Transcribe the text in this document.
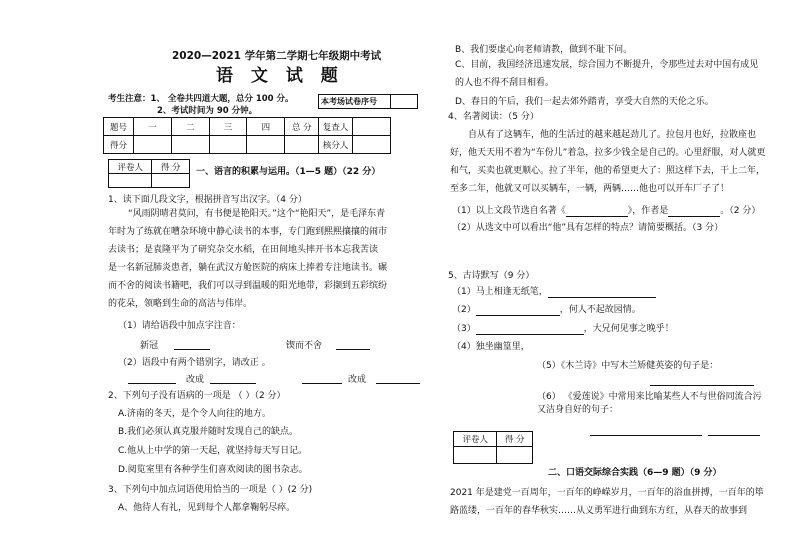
2020—2021 学年第二学期七年级期中考试
语 文 试 题
考生注意：1、 全卷共四道大题，总分 100 分。
2、考试时间为 90 分钟。
本考场试卷序号
题号	一	二	三	四	总 分	复查人	
得分						核分人	
评卷人	得 分
	一、语言的积累与运用。（1—5 题）（22 分）
1、读下面几段文字，根据拼音写出汉字。（4 分）
“风雨阴晴君莫问，有书便是艳阳天。”这个“艳阳天”，是毛泽东青年时为了练就在嘈杂环境中静心读书的本事，专门跑到熙熙攘攘的闹市去读书；是袁隆平为了研究杂交水稻，在田间地头摔开书本忘我苦读 是一名新冠肺炎患者，躺在武汉方舱医院的病床上捧着专注地读书。碾而不舍的阅读书籍吧，我们可以寻到温暖的阳光地带，彩撷到五彩缤纷的花朵，领略到生命的高洁与伟岸。
（1）请给语段中加点字注音：
新冠	锲而不舍
（2）语段中有两个错别字，请改正 。
改成	改成
2、下列句子没有语病的一项是 （ ）（2 分）
A.济南的冬天，是个令人向往的地方。
B.我们必须认真克服并随时发现自己的缺点。
C.他从上中学的第一天起，就坚持每天写日记。
D.阅览室里有各种学生们喜欢阅读的图书杂志。
3、下列句中加点词语使用恰当的一项是（ ）(2 分)
A、他待人有礼，见到每个人都拿鞠躬尽瘁。
B、我们要虚心向老师请教，做到不耻下问。
C、目前，我国经济迅速发展，综合国力不断提升，令那些过去对中国有成见的人也不得不刮目相看。
D、春日的午后，我们一起去郊外踏青，享受大自然的天伦之乐。
4、名著阅读：（5 分）
自从有了这辆车，他的生活过的越来越起劲儿了。拉包月也好，拉散座也好，他天天用不着为“车份儿”着急，拉多少钱全是自己的。心里舒服，对人就更和气，买卖也就更顺心。拉了半年，他的希望更大了：照这样下去，干上二年，至多二年，他就又可以买辆车，一辆，两辆……他也可以开车厂子了！
（1）以上文段节选自名著《	》，作者是	。（2 分）
（2）从选文中可以看出“他”具有怎样的特点？请简要概括。（3 分）
5、古诗默写（9 分）
（1）马上相逢无纸笔，
（2）	，何人不起故园情。
（3）	，大兄何见事之晚乎！
（4）独坐幽篁里，
（5）《木兰诗》中写木兰矫健英姿的句子是：
（6） 《爱莲说》中常用来比喻某些人不与世俗同流合污又洁身自好的句子：
评卷人	得 分

二、口语交际综合实践（6—9 题）（9 分）
2021 年是建党一百周年，一百年的峥嵘岁月，一百年的浴血拼搏，一百年的筚路蓝缕，一百年的春华秋实……从义勇军进行曲到东方红，从春天的故事到
